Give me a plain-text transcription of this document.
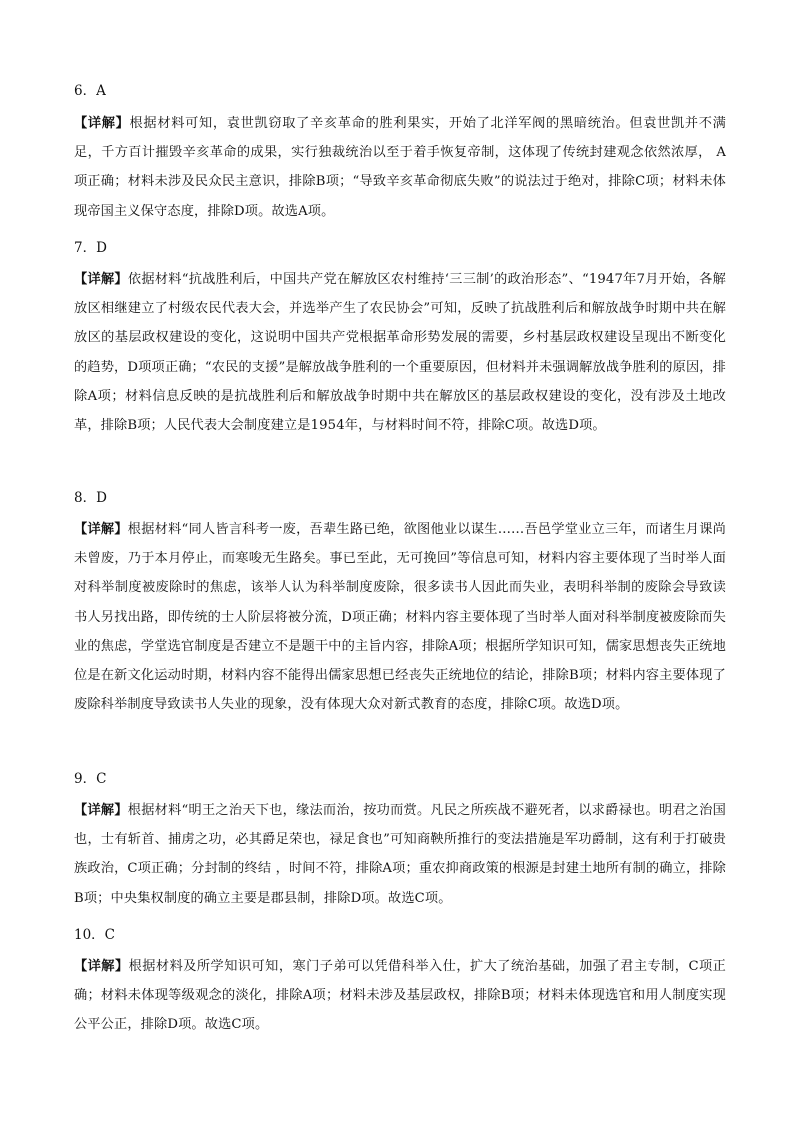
6．A
【详解】根据材料可知，袁世凯窃取了辛亥革命的胜利果实，开始了北洋军阀的黑暗统治。但袁世凯并不满足，千方百计摧毁辛亥革命的成果，实行独裁统治以至于着手恢复帝制，这体现了传统封建观念依然浓厚， A项正确；材料未涉及民众民主意识，排除B项；“导致辛亥革命彻底失败”的说法过于绝对，排除C项；材料未体现帝国主义保守态度，排除D项。故选A项。
7．D
【详解】依据材料“抗战胜利后，中国共产党在解放区农村维持‘三三制’的政治形态”、“1947年7月开始，各解放区相继建立了村级农民代表大会，并选举产生了农民协会”可知，反映了抗战胜利后和解放战争时期中共在解放区的基层政权建设的变化，这说明中国共产党根据革命形势发展的需要，乡村基层政权建设呈现出不断变化的趋势，D项项正确；“农民的支援”是解放战争胜利的一个重要原因，但材料并未强调解放战争胜利的原因，排除A项；材料信息反映的是抗战胜利后和解放战争时期中共在解放区的基层政权建设的变化，没有涉及土地改革，排除B项；人民代表大会制度建立是1954年，与材料时间不符，排除C项。故选D项。
8．D
【详解】根据材料“同人皆言科考一废，吾辈生路已绝，欲图他业以谋生……吾邑学堂业立三年，而诸生月课尚未曾废，乃于本月停止，而寒唆无生路矣。事已至此，无可挽回”等信息可知，材料内容主要体现了当时举人面对科举制度被废除时的焦虑，该举人认为科举制度废除，很多读书人因此而失业，表明科举制的废除会导致读书人另找出路，即传统的士人阶层将被分流，D项正确；材料内容主要体现了当时举人面对科举制度被废除而失业的焦虑，学堂选官制度是否建立不是题干中的主旨内容，排除A项；根据所学知识可知，儒家思想丧失正统地位是在新文化运动时期，材料内容不能得出儒家思想已经丧失正统地位的结论，排除B项；材料内容主要体现了废除科举制度导致读书人失业的现象，没有体现大众对新式教育的态度，排除C项。故选D项。
9．C
【详解】根据材料“明王之治天下也，缘法而治，按功而赏。凡民之所疾战不避死者，以求爵禄也。明君之治国也，士有斩首、捕虏之功，必其爵足荣也，禄足食也”可知商鞅所推行的变法措施是军功爵制，这有利于打破贵族政治，C项正确；分封制的终结 ，时间不符，排除A项；重农抑商政策的根源是封建土地所有制的确立，排除B项；中央集权制度的确立主要是郡县制，排除D项。故选C项。
10．C
【详解】根据材料及所学知识可知，寒门子弟可以凭借科举入仕，扩大了统治基础，加强了君主专制，C项正确；材料未体现等级观念的淡化，排除A项；材料未涉及基层政权，排除B项；材料未体现选官和用人制度实现公平公正，排除D项。故选C项。
